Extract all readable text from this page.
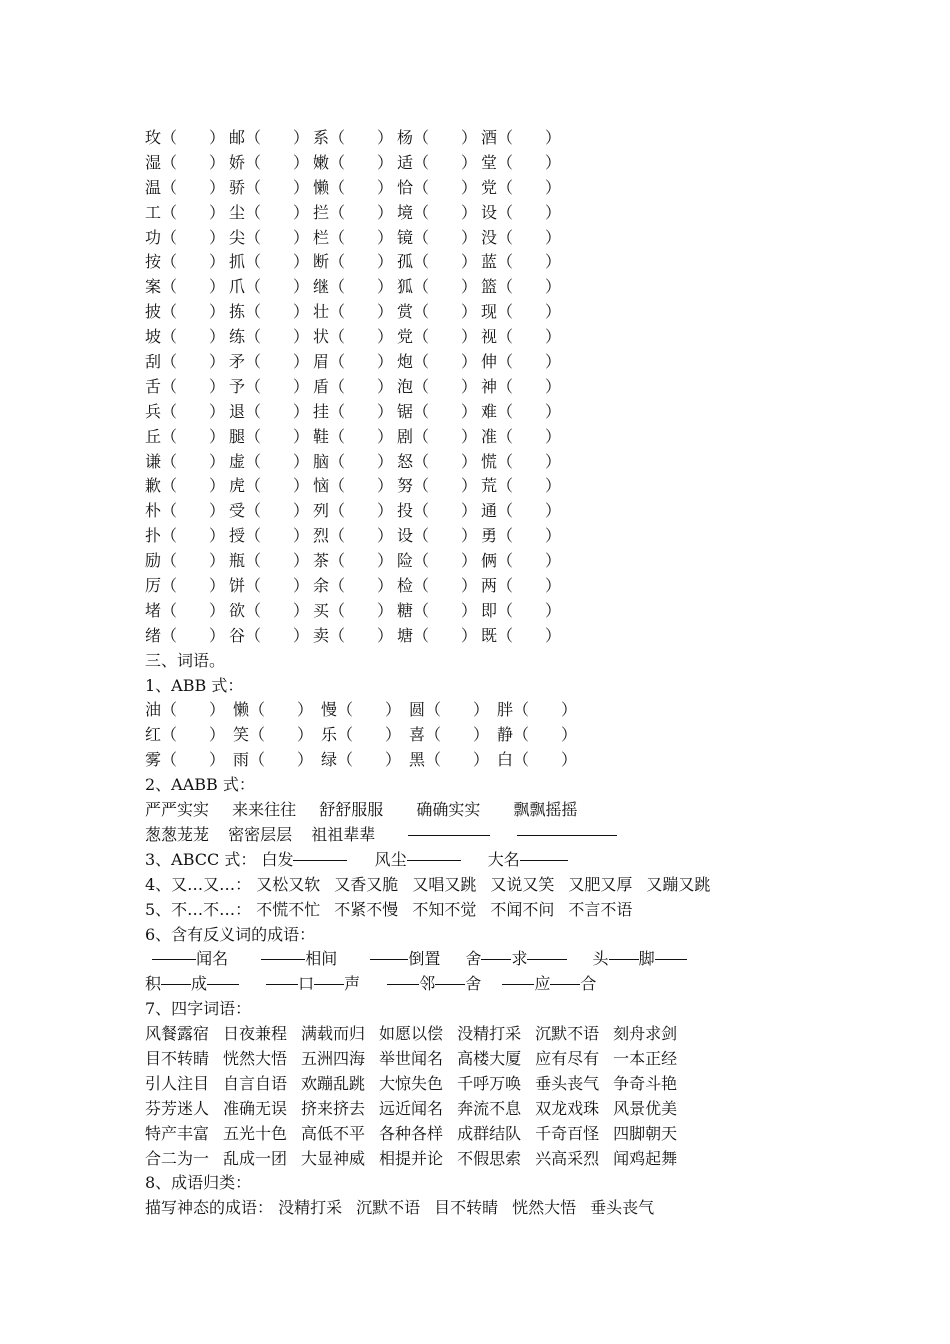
玫（　　） 邮（　　） 系（　　） 杨（　　） 酒（　　）
湿（　　） 娇（　　） 嫩（　　） 适（　　） 堂（　　）
温（　　） 骄（　　） 懒（　　） 恰（　　） 党（　　）
工（　　） 尘（　　） 拦（　　） 境（　　） 设（　　）
功（　　） 尖（　　） 栏（　　） 镜（　　） 没（　　）
按（　　） 抓（　　） 断（　　） 孤（　　） 蓝（　　）
案（　　） 爪（　　） 继（　　） 狐（　　） 篮（　　）
披（　　） 拣（　　） 壮（　　） 赏（　　） 现（　　）
坡（　　） 练（　　） 状（　　） 党（　　） 视（　　）
刮（　　） 矛（　　） 眉（　　） 炮（　　） 伸（　　）
舌（　　） 予（　　） 盾（　　） 泡（　　） 神（　　）
兵（　　） 退（　　） 挂（　　） 锯（　　） 难（　　）
丘（　　） 腿（　　） 鞋（　　） 剧（　　） 准（　　）
谦（　　） 虚（　　） 脑（　　） 怒（　　） 慌（　　）
歉（　　） 虎（　　） 恼（　　） 努（　　） 荒（　　）
朴（　　） 受（　　） 列（　　） 投（　　） 通（　　）
扑（　　） 授（　　） 烈（　　） 设（　　） 勇（　　）
励（　　） 瓶（　　） 茶（　　） 险（　　） 俩（　　）
厉（　　） 饼（　　） 余（　　） 检（　　） 两（　　）
堵（　　） 欲（　　） 买（　　） 糖（　　） 即（　　）
绪（　　） 谷（　　） 卖（　　） 塘（　　） 既（　　）
三、词语。
1、ABB 式：
油（　　） 懒（　　） 慢（　　） 圆（　　） 胖（　　）
红（　　） 笑（　　） 乐（　　） 喜（　　） 静（　　）
雾（　　） 雨（　　） 绿（　　） 黑（　　） 白（　　）
2、AABB 式：
严严实实 来来往往 舒舒服服 确确实实 飘飘摇摇
葱葱茏茏 密密层层 祖祖辈辈
3、ABCC 式： 白发	风尘	大名
4、又…又…： 又松又软 又香又脆 又唱又跳 又说又笑 又肥又厚 又蹦又跳
5、不…不…： 不慌不忙 不紧不慢 不知不觉 不闻不问 不言不语
6、含有反义词的成语：
闻名	相间	倒置 舍 求	头 脚
积 成	口 声	邻 舍	应 合
7、四字词语：
风餐露宿 日夜兼程 满载而归 如愿以偿 没精打采 沉默不语 刻舟求剑
目不转睛 恍然大悟 五洲四海 举世闻名 高楼大厦 应有尽有 一本正经
引人注目 自言自语 欢蹦乱跳 大惊失色 千呼万唤 垂头丧气 争奇斗艳
芬芳迷人 准确无误 挤来挤去 远近闻名 奔流不息 双龙戏珠 风景优美
特产丰富 五光十色 高低不平 各种各样 成群结队 千奇百怪 四脚朝天
合二为一 乱成一团 大显神威 相提并论 不假思索 兴高采烈 闻鸡起舞
8、成语归类：
描写神态的成语： 没精打采 沉默不语 目不转睛 恍然大悟 垂头丧气
